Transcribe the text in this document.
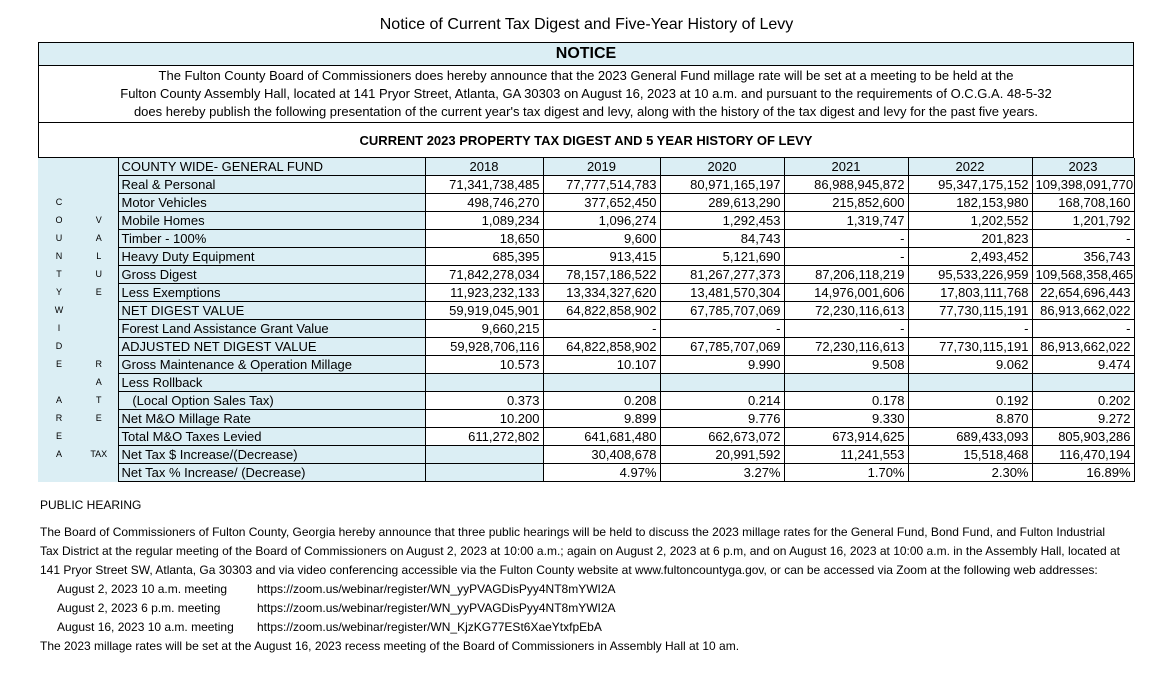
Notice of Current Tax Digest and Five-Year History of Levy
NOTICE

The Fulton County Board of Commissioners does hereby announce that the 2023 General Fund millage rate will be set at a meeting to be held at the
Fulton County Assembly Hall, located at 141 Pryor Street, Atlanta, GA 30303 on August 16, 2023 at 10 a.m. and pursuant to the requirements of O.C.G.A. 48-5-32
does hereby publish the following presentation of the current year's tax digest and levy, along with the history of the tax digest and levy for the past five years.

CURRENT 2023 PROPERTY TAX DIGEST AND 5 YEAR HISTORY OF LEVY
		COUNTY WIDE- GENERAL FUND	2018	2019	2020	2021	2022	2023
		Real & Personal	71,341,738,485	77,777,514,783	80,971,165,197	86,988,945,872	95,347,175,152	109,398,091,770
C		Motor Vehicles	498,746,270	377,652,450	289,613,290	215,852,600	182,153,980	168,708,160
O	V	Mobile Homes	1,089,234	1,096,274	1,292,453	1,319,747	1,202,552	1,201,792
U	A	Timber - 100%	18,650	9,600	84,743	-	201,823	-
N	L	Heavy Duty Equipment	685,395	913,415	5,121,690	-	2,493,452	356,743
T	U	Gross Digest	71,842,278,034	78,157,186,522	81,267,277,373	87,206,118,219	95,533,226,959	109,568,358,465
Y	E	Less Exemptions	11,923,232,133	13,334,327,620	13,481,570,304	14,976,001,606	17,803,111,768	22,654,696,443
W		NET DIGEST VALUE	59,919,045,901	64,822,858,902	67,785,707,069	72,230,116,613	77,730,115,191	86,913,662,022
I		Forest Land Assistance Grant Value	9,660,215	-	-	-	-	-
D		ADJUSTED NET DIGEST VALUE	59,928,706,116	64,822,858,902	67,785,707,069	72,230,116,613	77,730,115,191	86,913,662,022
E	R	Gross Maintenance & Operation Millage	10.573	10.107	9.990	9.508	9.062	9.474
	A	Less Rollback						
A	T	(Local Option Sales Tax)	0.373	0.208	0.214	0.178	0.192	0.202
R	E	Net M&O Millage Rate	10.200	9.899	9.776	9.330	8.870	9.272
E		Total M&O Taxes Levied	611,272,802	641,681,480	662,673,072	673,914,625	689,433,093	805,903,286
A	TAX	Net Tax $ Increase/(Decrease)		30,408,678	20,991,592	11,241,553	15,518,468	116,470,194
		Net Tax % Increase/ (Decrease)		4.97%	3.27%	1.70%	2.30%	16.89%

PUBLIC HEARING

The Board of Commissioners of Fulton County, Georgia hereby announce that three public hearings will be held to discuss the 2023 millage rates for the General Fund, Bond Fund, and Fulton Industrial Tax District at the regular meeting of the Board of Commissioners on August 2, 2023 at 10:00 a.m.; again on August 2, 2023 at 6 p.m, and on August 16, 2023 at 10:00 a.m. in the Assembly Hall, located at 141 Pryor Street SW, Atlanta, Ga 30303 and via video conferencing accessible via the Fulton County website at www.fultoncountyga.gov, or can be accessed via Zoom at the following web addresses:

August 2, 2023 10 a.m. meeting https://zoom.us/webinar/register/WN_yyPVAGDisPyy4NT8mYWI2A
August 2, 2023 6 p.m. meeting	https://zoom.us/webinar/register/WN_yyPVAGDisPyy4NT8mYWI2A
August 16, 2023 10 a.m. meeting https://zoom.us/webinar/register/WN_KjzKG77ESt6XaeYtxfpEbA

The 2023 millage rates will be set at the August 16, 2023 recess meeting of the Board of Commissioners in Assembly Hall at 10 am.
